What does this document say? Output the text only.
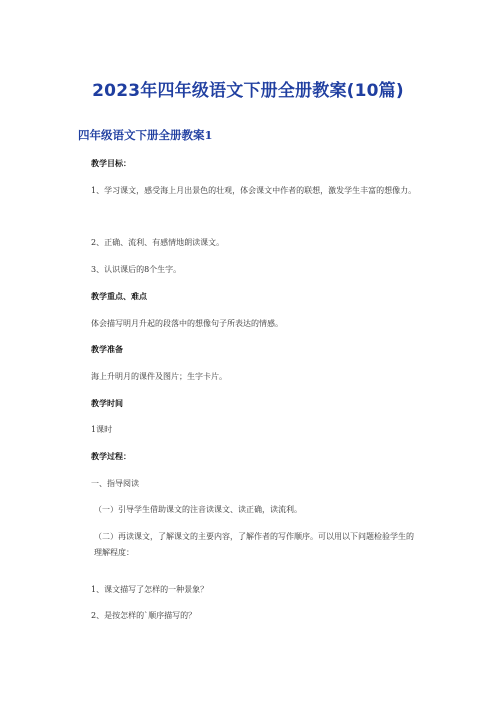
2023年四年级语文下册全册教案(10篇)
四年级语文下册全册教案1
教学目标：
1、学习课文，感受海上月出景色的壮观，体会课文中作者的联想，激发学生丰富的想像力。
2、正确、流利、有感情地朗读课文。
3、认识课后的8个生字。
教学重点、难点
体会描写明月升起的段落中的想像句子所表达的情感。
教学准备
海上升明月的课件及图片；生字卡片。
教学时间
1课时
教学过程：
一、指导阅读
（一）引导学生借助课文的注音读课文、读正确，读流利。
（二）再读课文，了解课文的主要内容，了解作者的写作顺序。可以用以下问题检验学生的理解程度：
1、课文描写了怎样的一种景象？
2、是按怎样的`顺序描写的？
